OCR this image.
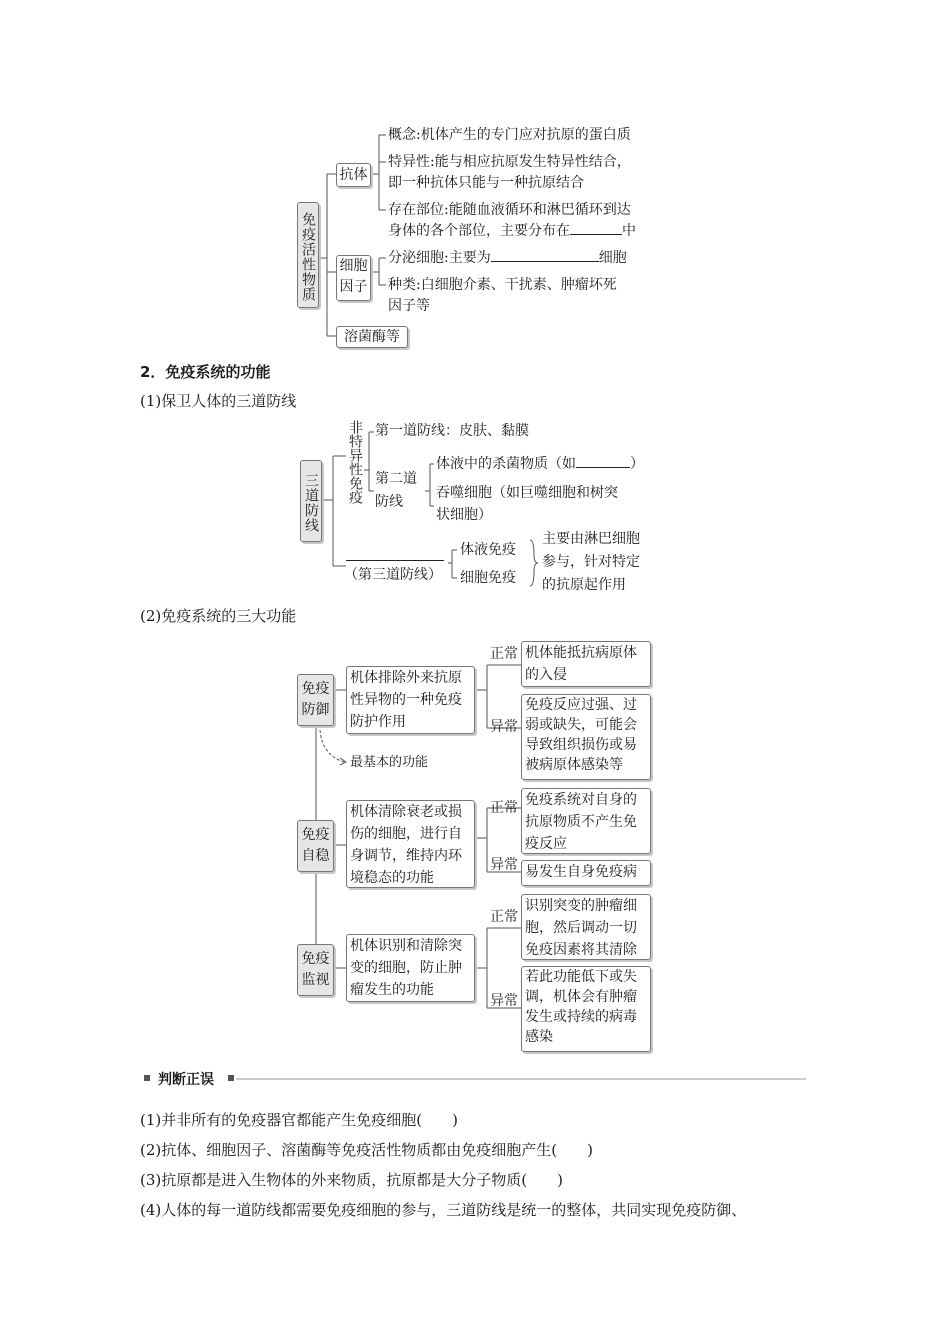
免疫活性物质
抗体
概念:机体产生的专门应对抗原的蛋白质
特异性:能与相应抗原发生特异性结合，
即一种抗体只能与一种抗原结合
存在部位:能随血液循环和淋巴循环到达
身体的各个部位，主要分布在	中
细胞因子
分泌细胞:主要为	细胞
种类:白细胞介素、干扰素、肿瘤坏死
因子等
溶菌酶等
2．免疫系统的功能
(1)保卫人体的三道防线
三道防线 非特异性免疫 第一道防线：皮肤、黏膜
第二道防线
体液中的杀菌物质（如	）
吞噬细胞（如巨噬细胞和树突
状细胞）
（第三道防线）
体液免疫
细胞免疫
主要由淋巴细胞
参与，针对特定
的抗原起作用
(2)免疫系统的三大功能
免疫防御
机体排除外来抗原性异物的一种免疫防护作用
正常
异常
机体能抵抗病原体的入侵
免疫反应过强、过弱或缺失，可能会导致组织损伤或易被病原体感染等
最基本的功能
免疫自稳
机体清除衰老或损伤的细胞，进行自身调节，维持内环境稳态的功能
正常
异常
免疫系统对自身的抗原物质不产生免疫反应
易发生自身免疫病
免疫监视
机体识别和清除突变的细胞，防止肿瘤发生的功能
正常
异常
识别突变的肿瘤细胞，然后调动一切免疫因素将其清除
若此功能低下或失调，机体会有肿瘤发生或持续的病毒感染
判断正误
(1)并非所有的免疫器官都能产生免疫细胞(　　)
(2)抗体、细胞因子、溶菌酶等免疫活性物质都由免疫细胞产生(　　)
(3)抗原都是进入生物体的外来物质，抗原都是大分子物质(　　)
(4)人体的每一道防线都需要免疫细胞的参与，三道防线是统一的整体，共同实现免疫防御、
